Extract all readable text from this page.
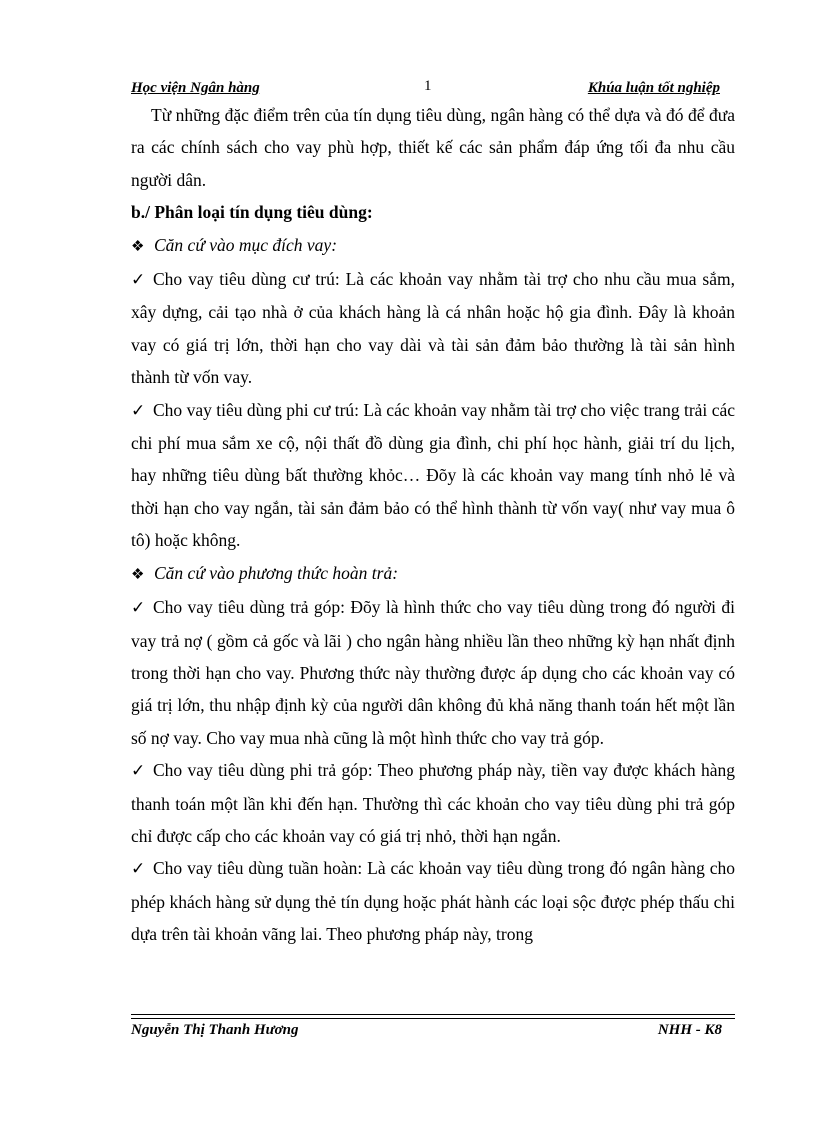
Học viện Ngân hàng	1	Khúa luận tốt nghiệp

Từ những đặc điểm trên của tín dụng tiêu dùng, ngân hàng có thể dựa và đó để đưa ra các chính sách cho vay phù hợp, thiết kế các sản phẩm đáp ứng tối đa nhu cầu người dân.

b./ Phân loại tín dụng tiêu dùng:

❖ Căn cứ vào mục đích vay:

✓ Cho vay tiêu dùng cư trú: Là các khoản vay nhằm tài trợ cho nhu cầu mua sắm, xây dựng, cải tạo nhà ở của khách hàng là cá nhân hoặc hộ gia đình. Đây là khoản vay có giá trị lớn, thời hạn cho vay dài và tài sản đảm bảo thường là tài sản hình thành từ vốn vay.

✓ Cho vay tiêu dùng phi cư trú: Là các khoản vay nhằm tài trợ cho việc trang trải các chi phí mua sắm xe cộ, nội thất đồ dùng gia đình, chi phí học hành, giải trí du lịch, hay những tiêu dùng bất thường khỏc… Đõy là các khoản vay mang tính nhỏ lẻ và thời hạn cho vay ngắn, tài sản đảm bảo có thể hình thành từ vốn vay( như vay mua ô tô) hoặc không.

❖ Căn cứ vào phương thức hoàn trả:

✓ Cho vay tiêu dùng trả góp: Đõy là hình thức cho vay tiêu dùng trong đó người đi vay trả nợ ( gồm cả gốc và lãi ) cho ngân hàng nhiều lần theo những kỳ hạn nhất định trong thời hạn cho vay. Phương thức này thường được áp dụng cho các khoản vay có giá trị lớn, thu nhập định kỳ của người dân không đủ khả năng thanh toán hết một lần số nợ vay. Cho vay mua nhà cũng là một hình thức cho vay trả góp.

✓ Cho vay tiêu dùng phi trả góp: Theo phương pháp này, tiền vay được khách hàng thanh toán một lần khi đến hạn. Thường thì các khoản cho vay tiêu dùng phi trả góp chỉ được cấp cho các khoản vay có giá trị nhỏ, thời hạn ngắn.

✓ Cho vay tiêu dùng tuần hoàn: Là các khoản vay tiêu dùng trong đó ngân hàng cho phép khách hàng sử dụng thẻ tín dụng hoặc phát hành các loại sộc được phép thấu chi dựa trên tài khoản vãng lai. Theo phương pháp này, trong

Nguyễn Thị Thanh Hương	NHH - K8
